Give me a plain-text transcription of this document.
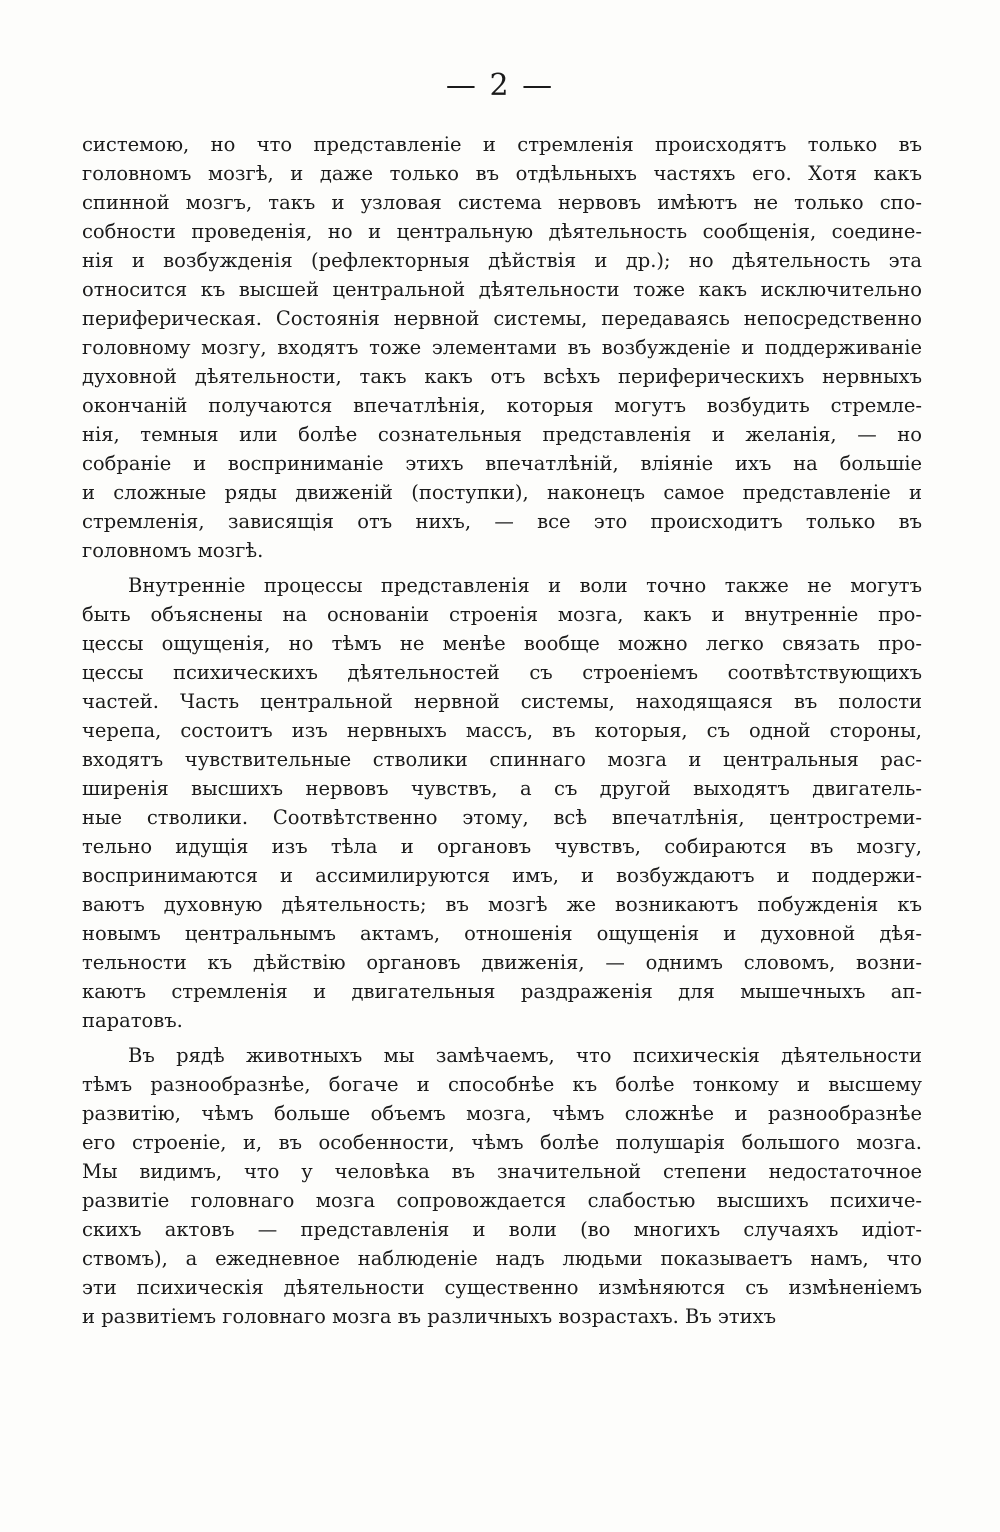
— 2 —
системою, но что представленіе и стремленія происходятъ только въ
головномъ мозгѣ, и даже только въ отдѣльныхъ частяхъ его. Хотя какъ
спинной мозгъ, такъ и узловая система нервовъ имѣютъ не только спо-
собности проведенія, но и центральную дѣятельность сообщенія, соедине-
нія и возбужденія (рефлекторныя дѣйствія и др.); но дѣятельность эта
относится къ высшей центральной дѣятельности тоже какъ исключительно
периферическая. Состоянія нервной системы, передаваясь непосредственно
головному мозгу, входятъ тоже элементами въ возбужденіе и поддерживаніе
духовной дѣятельности, такъ какъ отъ всѣхъ периферическихъ нервныхъ
окончаній получаются впечатлѣнія, которыя могутъ возбудить стремле-
нія, темныя или болѣе сознательныя представленія и желанія, — но
собраніе и восприниманіе этихъ впечатлѣній, вліяніе ихъ на большіе
и сложные ряды движеній (поступки), наконецъ самое представленіе и
стремленія, зависящія отъ нихъ, — все это происходитъ только въ
головномъ мозгѣ.
Внутренніе процессы представленія и воли точно также не могутъ
быть объяснены на основаніи строенія мозга, какъ и внутренніе про-
цессы ощущенія, но тѣмъ не менѣе вообще можно легко связать про-
цессы психическихъ дѣятельностей съ строеніемъ соотвѣтствующихъ
частей. Часть центральной нервной системы, находящаяся въ полости
черепа, состоитъ изъ нервныхъ массъ, въ которыя, съ одной стороны,
входятъ чувствительные стволики спиннаго мозга и центральныя рас-
ширенія высшихъ нервовъ чувствъ, а съ другой выходятъ двигатель-
ные стволики. Соотвѣтственно этому, всѣ впечатлѣнія, центростреми-
тельно идущія изъ тѣла и органовъ чувствъ, собираются въ мозгу,
воспринимаются и ассимилируются имъ, и возбуждаютъ и поддержи-
ваютъ духовную дѣятельность; въ мозгѣ же возникаютъ побужденія къ
новымъ центральнымъ актамъ, отношенія ощущенія и духовной дѣя-
тельности къ дѣйствію органовъ движенія, — однимъ словомъ, возни-
каютъ стремленія и двигательныя раздраженія для мышечныхъ ап-
паратовъ.
Въ рядѣ животныхъ мы замѣчаемъ, что психическія дѣятельности
тѣмъ разнообразнѣе, богаче и способнѣе къ болѣе тонкому и высшему
развитію, чѣмъ больше объемъ мозга, чѣмъ сложнѣе и разнообразнѣе
его строеніе, и, въ особенности, чѣмъ болѣе полушарія большого мозга.
Мы видимъ, что у человѣка въ значительной степени недостаточное
развитіе головнаго мозга сопровождается слабостью высшихъ психиче-
скихъ актовъ — представленія и воли (во многихъ случаяхъ идіот-
ствомъ), а ежедневное наблюденіе надъ людьми показываетъ намъ, что
эти психическія дѣятельности существенно измѣняются съ измѣненіемъ
и развитіемъ головнаго мозга въ различныхъ возрастахъ. Въ этихъ
